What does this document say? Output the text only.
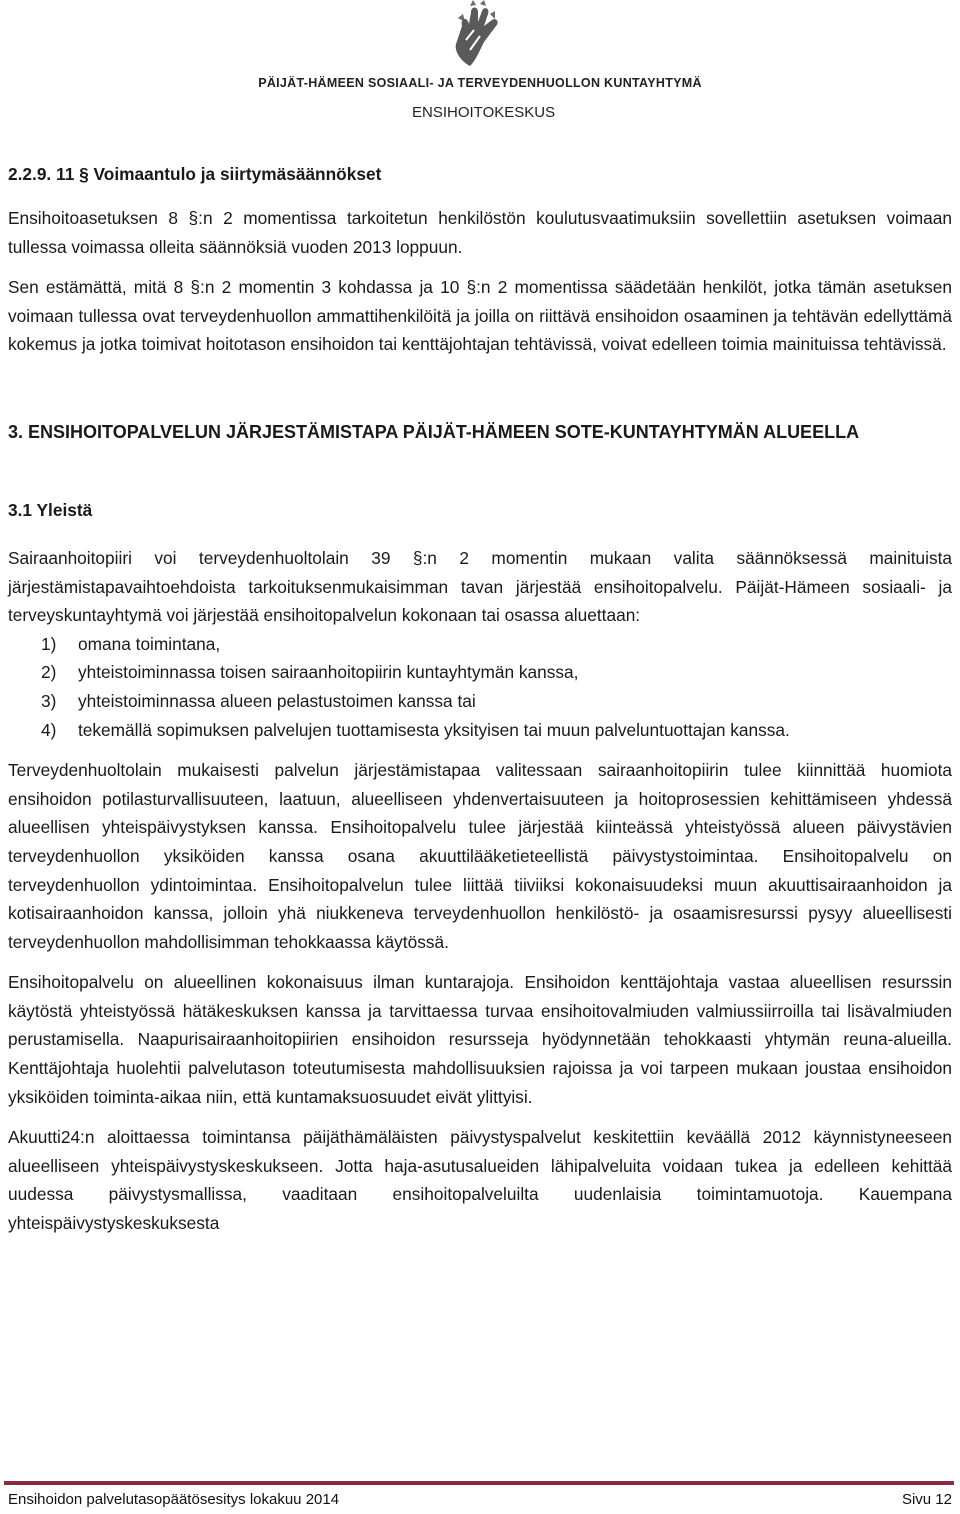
PÄIJÄT-HÄMEEN SOSIAALI- JA TERVEYDENHUOLLON KUNTAYHTYMÄ
ENSIHOITOKESKUS
2.2.9. 11 § Voimaantulo ja siirtymäsäännökset

Ensihoitoasetuksen 8 §:n 2 momentissa tarkoitetun henkilöstön koulutusvaatimuksiin sovellettiin asetuksen voimaan tullessa voimassa olleita säännöksiä vuoden 2013 loppuun.

Sen estämättä, mitä 8 §:n 2 momentin 3 kohdassa ja 10 §:n 2 momentissa säädetään henkilöt, jotka tämän asetuksen voimaan tullessa ovat terveydenhuollon ammattihenkilöitä ja joilla on riittävä ensihoidon osaaminen ja tehtävän edellyttämä kokemus ja jotka toimivat hoitotason ensihoidon tai kenttäjohtajan tehtävissä, voivat edelleen toimia mainituissa tehtävissä.

3. ENSIHOITOPALVELUN JÄRJESTÄMISTAPA PÄIJÄT-HÄMEEN SOTE-KUNTAYHTYMÄN ALUEELLA
3.1 Yleistä

Sairaanhoitopiiri voi terveydenhuoltolain 39 §:n 2 momentin mukaan valita säännöksessä mainituista järjestämistapavaihtoehdoista tarkoituksenmukaisimman tavan järjestää ensihoitopalvelu. Päijät-Hämeen sosiaali- ja terveyskuntayhtymä voi järjestää ensihoitopalvelun kokonaan tai osassa aluettaan:

1) omana toimintana,
2) yhteistoiminnassa toisen sairaanhoitopiirin kuntayhtymän kanssa,
3) yhteistoiminnassa alueen pelastustoimen kanssa tai
4) tekemällä sopimuksen palvelujen tuottamisesta yksityisen tai muun palveluntuottajan kanssa.

Terveydenhuoltolain mukaisesti palvelun järjestämistapaa valitessaan sairaanhoitopiirin tulee kiinnittää huomiota ensihoidon potilasturvallisuuteen, laatuun, alueelliseen yhdenvertaisuuteen ja hoitoprosessien kehittämiseen yhdessä alueellisen yhteispäivystyksen kanssa. Ensihoitopalvelu tulee järjestää kiinteässä yhteistyössä alueen päivystävien terveydenhuollon yksiköiden kanssa osana akuuttilääketieteellistä päivystystoimintaa. Ensihoitopalvelu on terveydenhuollon ydintoimintaa. Ensihoitopalvelun tulee liittää tiiviiksi kokonaisuudeksi muun akuuttisairaanhoidon ja kotisairaanhoidon kanssa, jolloin yhä niukkeneva terveydenhuollon henkilöstö- ja osaamisresurssi pysyy alueellisesti terveydenhuollon mahdollisimman tehokkaassa käytössä.

Ensihoitopalvelu on alueellinen kokonaisuus ilman kuntarajoja. Ensihoidon kenttäjohtaja vastaa alueellisen resurssin käytöstä yhteistyössä hätäkeskuksen kanssa ja tarvittaessa turvaa ensihoitovalmiuden valmiussiirroilla tai lisävalmiuden perustamisella. Naapurisairaanhoitopiirien ensihoidon resursseja hyödynnetään tehokkaasti yhtymän reuna-alueilla. Kenttäjohtaja huolehtii palvelutason toteutumisesta mahdollisuuksien rajoissa ja voi tarpeen mukaan joustaa ensihoidon yksiköiden toiminta-aikaa niin, että kuntamaksuosuudet eivät ylittyisi.

Akuutti24:n aloittaessa toimintansa päijäthämäläisten päivystyspalvelut keskitettiin keväällä 2012 käynnistyneeseen alueelliseen yhteispäivystyskeskukseen. Jotta haja-asutusalueiden lähipalveluita voidaan tukea ja edelleen kehittää uudessa päivystysmallissa, vaaditaan ensihoitopalveluilta uudenlaisia toimintamuotoja. Kauempana yhteispäivystyskeskuksesta

Ensihoidon palvelutasopäätösesitys lokakuu 2014	Sivu 12
